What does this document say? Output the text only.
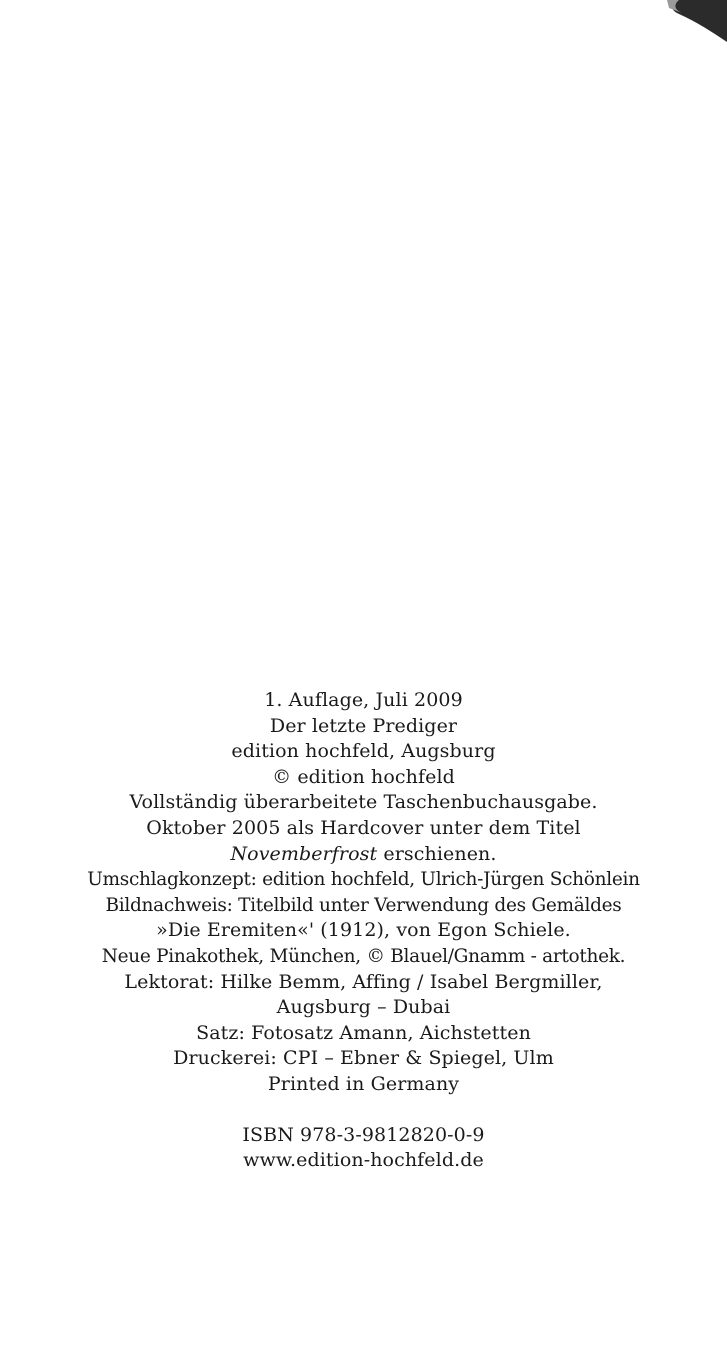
1. Auflage, Juli 2009
Der letzte Prediger
edition hochfeld, Augsburg
© edition hochfeld
Vollständig überarbeitete Taschenbuchausgabe.
Oktober 2005 als Hardcover unter dem Titel
Novemberfrost erschienen.
Umschlagkonzept: edition hochfeld, Ulrich-Jürgen Schönlein
Bildnachweis: Titelbild unter Verwendung des Gemäldes
»Die Eremiten«' (1912), von Egon Schiele.
Neue Pinakothek, München, © Blauel/Gnamm - artothek.
Lektorat: Hilke Bemm, Affing / Isabel Bergmiller,
Augsburg – Dubai
Satz: Fotosatz Amann, Aichstetten
Druckerei: CPI – Ebner & Spiegel, Ulm
Printed in Germany
ISBN 978-3-9812820-0-9
www.edition-hochfeld.de
